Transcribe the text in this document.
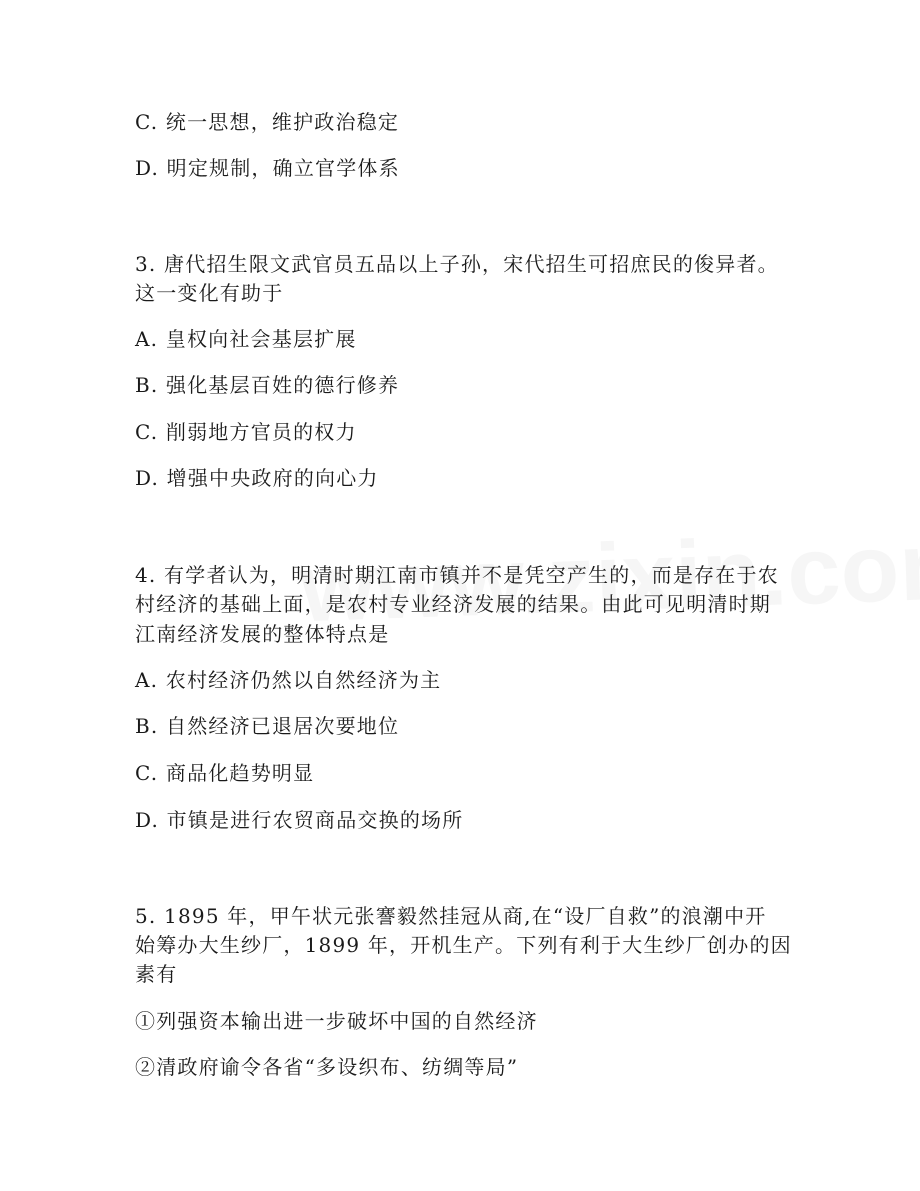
C. 统一思想，维护政治稳定
D. 明定规制，确立官学体系
3. 唐代招生限文武官员五品以上子孙，宋代招生可招庶民的俊异者。
这一变化有助于
A. 皇权向社会基层扩展
B. 强化基层百姓的德行修养
C. 削弱地方官员的权力
D. 增强中央政府的向心力
4. 有学者认为，明清时期江南市镇并不是凭空产生的，而是存在于农
村经济的基础上面，是农村专业经济发展的结果。由此可见明清时期
江南经济发展的整体特点是
A. 农村经济仍然以自然经济为主
B. 自然经济已退居次要地位
C. 商品化趋势明显
D. 市镇是进行农贸商品交换的场所
5. 1895 年，甲午状元张謇毅然挂冠从商,在“设厂自救”的浪潮中开
始筹办大生纱厂，1899 年，开机生产。下列有利于大生纱厂创办的因
素有
①列强资本输出进一步破坏中国的自然经济
②清政府谕令各省“多设织布、纺绸等局”
